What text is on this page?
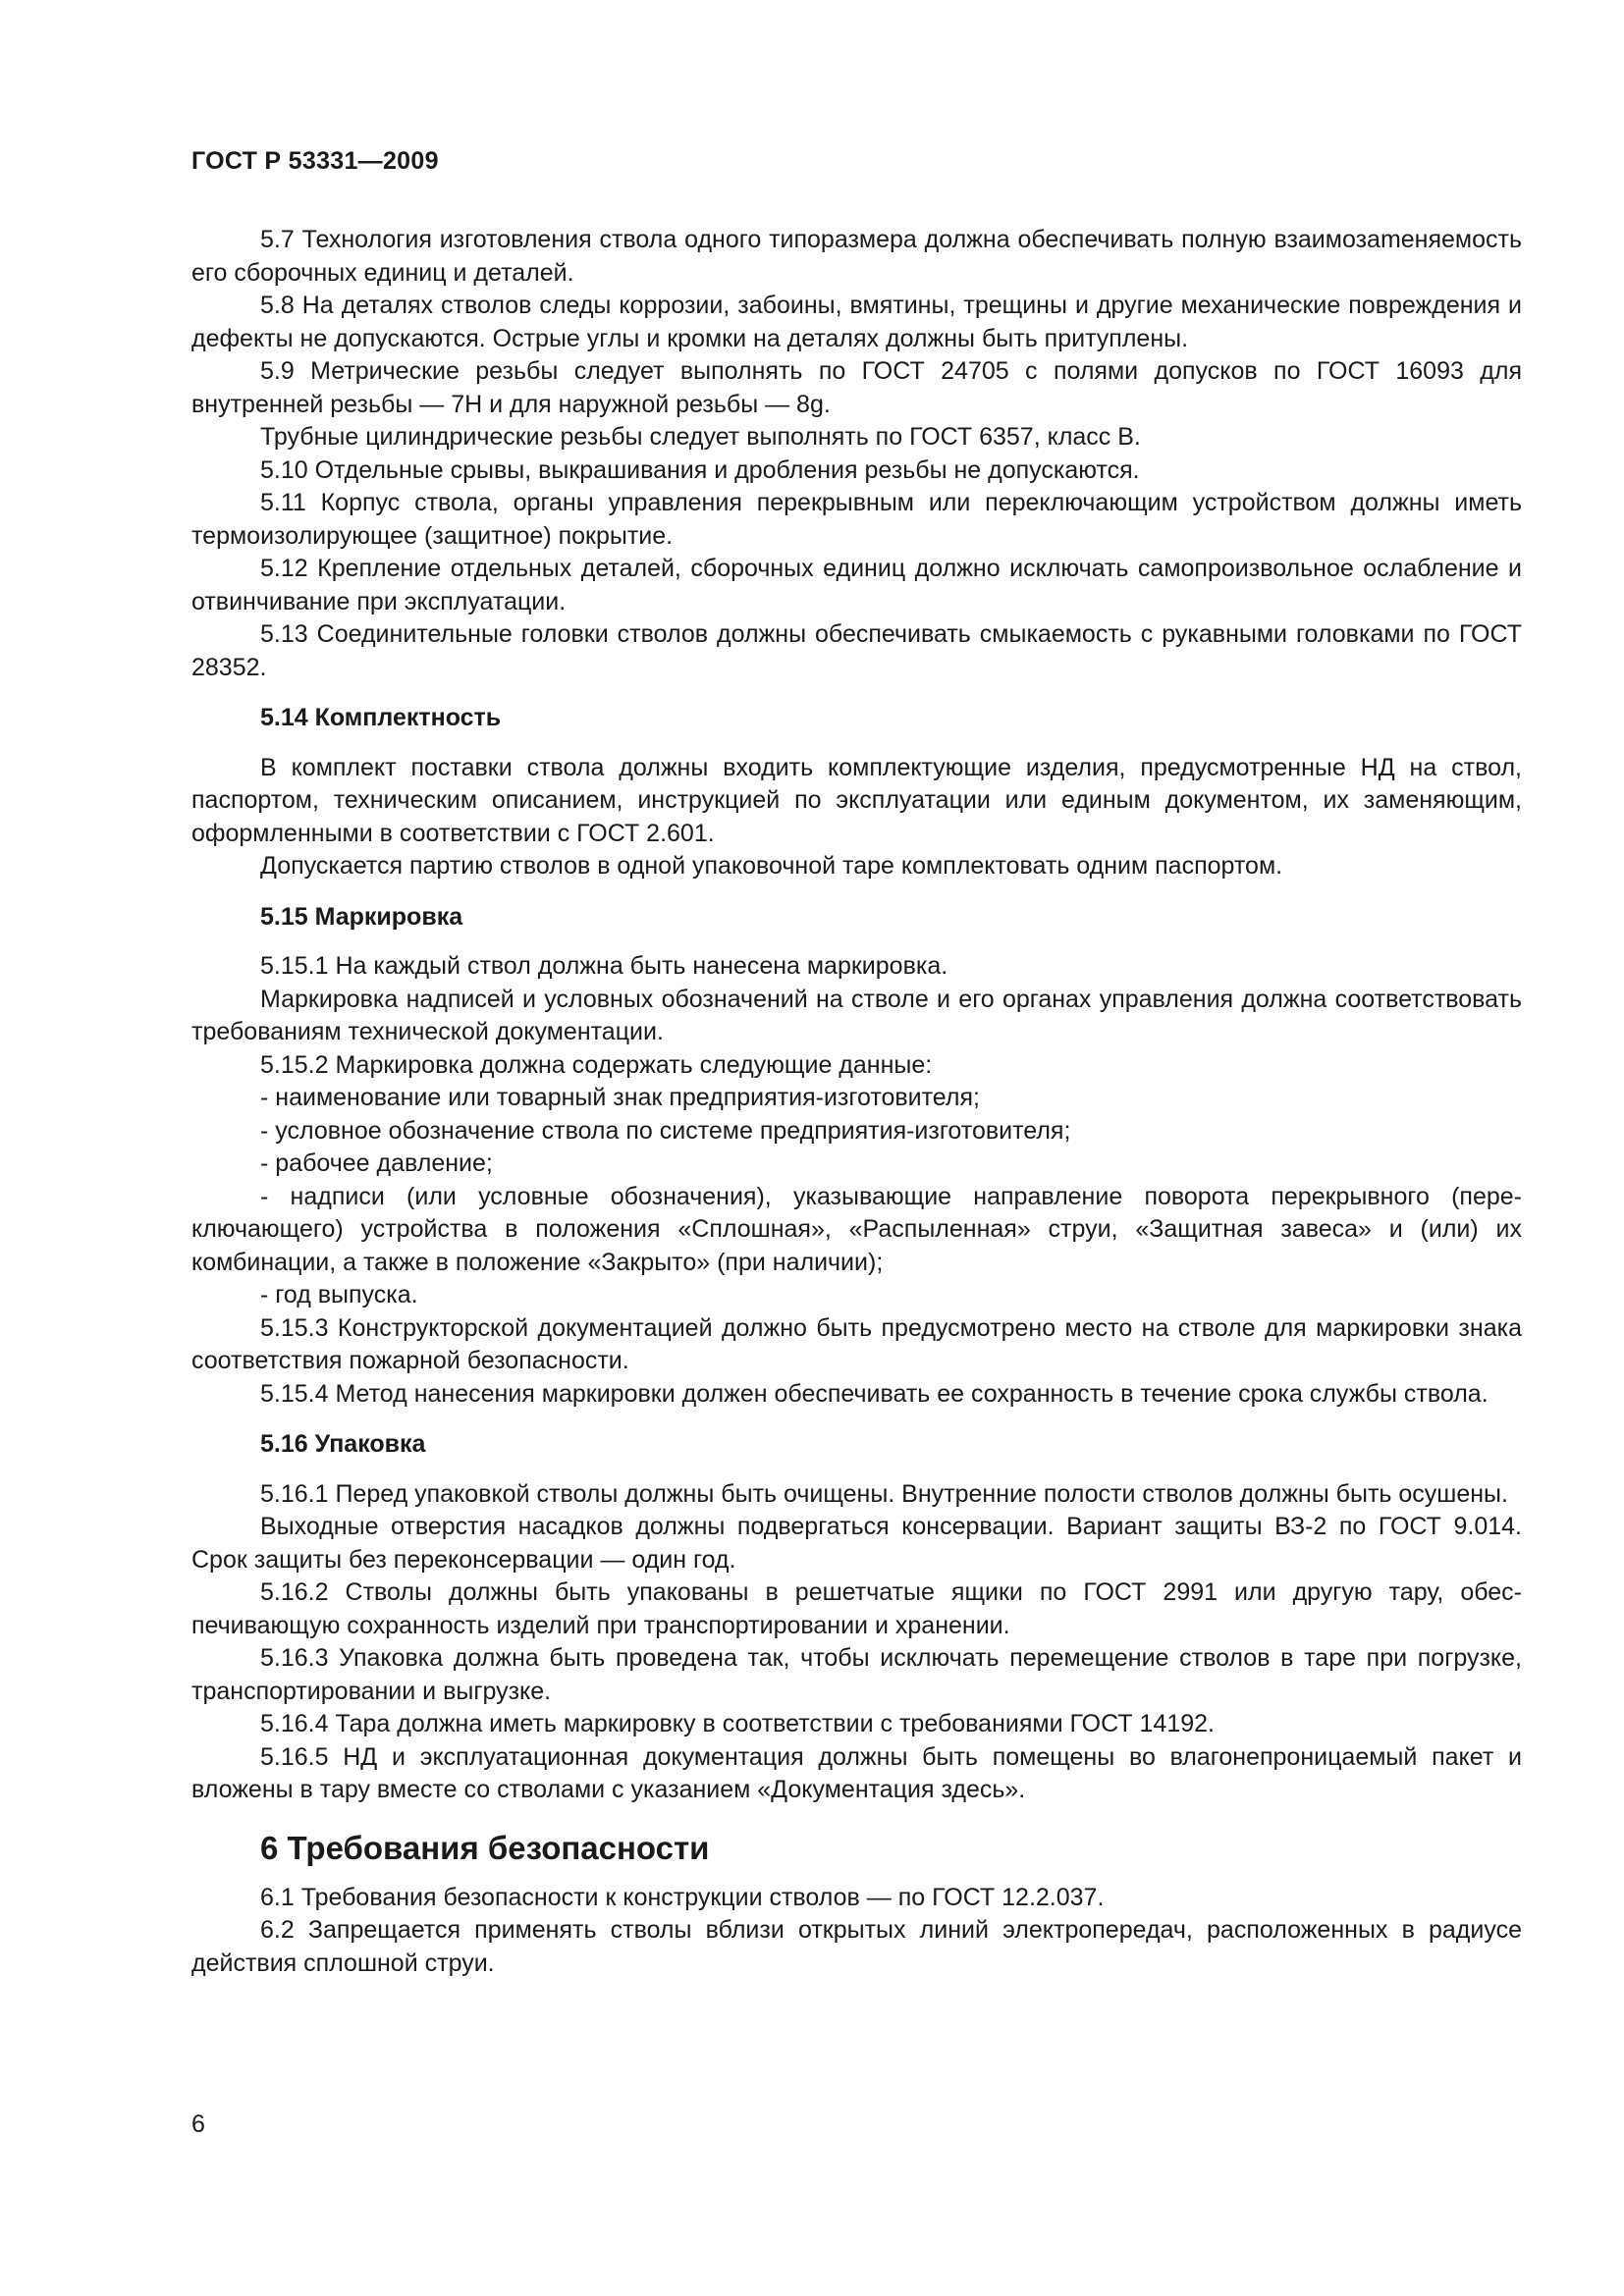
ГОСТ Р 53331—2009

5.7 Технология изготовления ствола одного типоразмера должна обеспечивать полную взаимозаmeняемость его сборочных единиц и деталей.

5.8 На деталях стволов следы коррозии, забоины, вмятины, трещины и другие механические повреждения и дефекты не допускаются. Острые углы и кромки на деталях должны быть притуплены.

5.9 Метрические резьбы следует выполнять по ГОСТ 24705 с полями допусков по ГОСТ 16093 для внутренней резьбы — 7Н и для наружной резьбы — 8g.

Трубные цилиндрические резьбы следует выполнять по ГОСТ 6357, класс В.

5.10 Отдельные срывы, выкрашивания и дробления резьбы не допускаются.

5.11 Корпус ствола, органы управления перекрывным или переключающим устройством должны иметь термоизолирующее (защитное) покрытие.

5.12 Крепление отдельных деталей, сборочных единиц должно исключать самопроизвольное ослабление и отвинчивание при эксплуатации.

5.13 Соединительные головки стволов должны обеспечивать смыкаемость с рукавными головками по ГОСТ 28352.

5.14 Комплектность

В комплект поставки ствола должны входить комплектующие изделия, предусмотренные НД на ствол, паспортом, техническим описанием, инструкцией по эксплуатации или единым документом, их заменяющим, оформленными в соответствии с ГОСТ 2.601.

Допускается партию стволов в одной упаковочной таре комплектовать одним паспортом.

5.15 Маркировка

5.15.1 На каждый ствол должна быть нанесена маркировка.

Маркировка надписей и условных обозначений на стволе и его органах управления должна соответствовать требованиям технической документации.

5.15.2 Маркировка должна содержать следующие данные:

- наименование или товарный знак предприятия-изготовителя;

- условное обозначение ствола по системе предприятия-изготовителя;

- рабочее давление;

- надписи (или условные обозначения), указывающие направление поворота перекрывного (переключающего) устройства в положения «Сплошная», «Распыленная» струи, «Защитная завеса» и (или) их комбинации, а также в положение «Закрыто» (при наличии);

- год выпуска.

5.15.3 Конструкторской документацией должно быть предусмотрено место на стволе для маркировки знака соответствия пожарной безопасности.

5.15.4 Метод нанесения маркировки должен обеспечивать ее сохранность в течение срока службы ствола.

5.16 Упаковка

5.16.1 Перед упаковкой стволы должны быть очищены. Внутренние полости стволов должны быть осушены.

Выходные отверстия насадков должны подвергаться консервации. Вариант защиты ВЗ-2 по ГОСТ 9.014. Срок защиты без переконсервации — один год.

5.16.2 Стволы должны быть упакованы в решетчатые ящики по ГОСТ 2991 или другую тару, обеспечивающую сохранность изделий при транспортировании и хранении.

5.16.3 Упаковка должна быть проведена так, чтобы исключать перемещение стволов в таре при погрузке, транспортировании и выгрузке.

5.16.4 Тара должна иметь маркировку в соответствии с требованиями ГОСТ 14192.

5.16.5 НД и эксплуатационная документация должны быть помещены во влагонепроницаемый пакет и вложены в тару вместе со стволами с указанием «Документация здесь».

6 Требования безопасности

6.1 Требования безопасности к конструкции стволов — по ГОСТ 12.2.037.

6.2 Запрещается применять стволы вблизи открытых линий электропередач, расположенных в радиусе действия сплошной струи.

6
